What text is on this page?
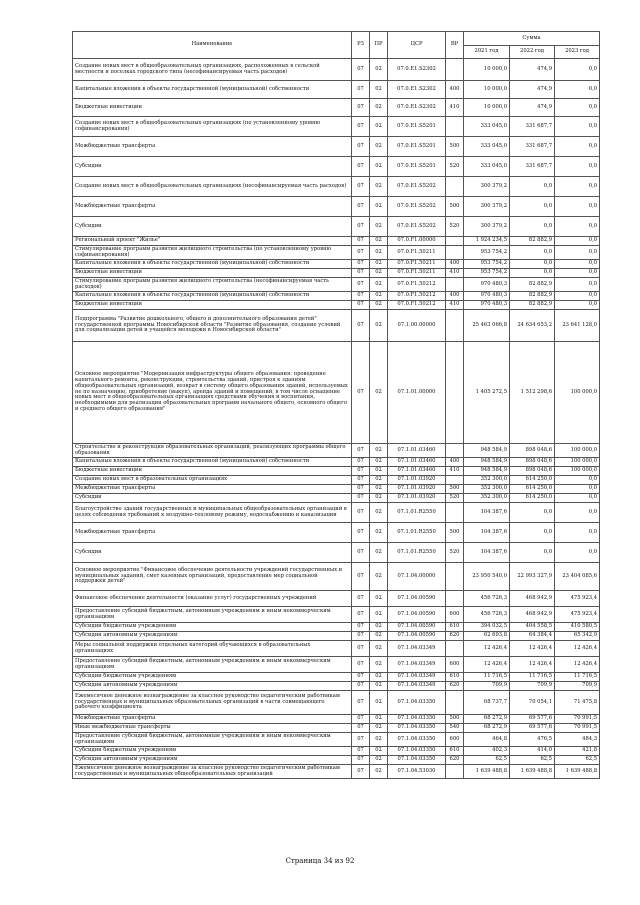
Наименование	РЗ	ПР	ЦСР	ВР	Сумма		
					2021 год	2022 год	2023 год
Создание новых мест в общеобразовательных организациях, расположенных в сельской местности и поселках городского типа (несофинансируемая часть расходов)	07	02	07.0.E1.S2302		10 000,0	474,9	0,0
Капитальные вложения в объекты государственной (муниципальной) собственности	07	02	07.0.E1.S2302	400	10 000,0	474,9	0,0
Бюджетные инвестиции	07	02	07.0.E1.S2302	410	10 000,0	474,9	0,0
Создание новых мест в общеобразовательных организациях (по установленному уровню софинансирования)	07	02	07.0.E1.S5201		333 045,0	331 687,7	0,0
Межбюджетные трансферты	07	02	07.0.E1.S5201	500	333 045,0	331 687,7	0,0
Субсидии	07	02	07.0.E1.S5201	520	333 045,0	331 687,7	0,0
Создание новых мест в общеобразовательных организациях (несофинансируемая часть расходов)	07	02	07.0.E1.S5202		300 379,2	0,0	0,0
Межбюджетные трансферты	07	02	07.0.E1.S5202	500	300 379,2	0,0	0,0
Субсидии	07	02	07.0.E1.S5202	520	300 379,2	0,0	0,0
Региональный проект "Жилье"	07	02	07.0.F1.00000		1 924 234,5	82 882,9	0,0
Стимулирование программ развития жилищного строительства (по установленному уровню софинансирования)	07	02	07.0.F1.50211		953 754,2	0,0	0,0
Капитальные вложения в объекты государственной (муниципальной) собственности	07	02	07.0.F1.50211	400	953 754,2	0,0	0,0
Бюджетные инвестиции	07	02	07.0.F1.50211	410	953 754,2	0,0	0,0
Стимулирование программ развития жилищного строительства (несофинансируемая часть расходов)	07	02	07.0.F1.50212		970 480,3	82 882,9	0,0
Капитальные вложения в объекты государственной (муниципальной) собственности	07	02	07.0.F1.50212	400	970 480,3	82 882,9	0,0
Бюджетные инвестиции	07	02	07.0.F1.50212	410	970 480,3	82 882,9	0,0
Подпрограмма "Развитие дошкольного, общего и дополнительного образования детей" государственной программы Новосибирской области "Развитие образования, создание условий для социализации детей и учащейся молодежи в Новосибирской области"	07	02	07.1.00.00000		25 463 066,8	24 634 653,2	23 641 128,0
Основное мероприятие "Модернизация инфраструктуры общего образования: проведение капитального ремонта, реконструкции, строительства зданий, пристроя к зданиям общеобразовательных организаций, возврат в систему общего образования зданий, используемых не по назначению, приобретение (выкуп), аренда зданий и помещений, в том числе оснащение новых мест в общеобразовательных организациях средствами обучения и воспитания, необходимыми для реализации образовательных программ начального общего, основного общего и среднего общего образования"	07	02	07.1.01.00000		1 405 272,5	1 512 298,6	100 000,0
Строительство и реконструкция образовательных организаций, реализующих программы общего образования	07	02	07.1.01.03460		948 584,9	898 048,6	100 000,0
Капитальные вложения в объекты государственной (муниципальной) собственности	07	02	07.1.01.03460	400	948 584,9	898 048,6	100 000,0
Бюджетные инвестиции	07	02	07.1.01.03460	410	948 584,9	898 048,6	100 000,0
Создание новых мест в образовательных организациях	07	02	07.1.01.03920		352 300,0	614 250,0	0,0
Межбюджетные трансферты	07	02	07.1.01.03920	500	352 300,0	614 250,0	0,0
Субсидии	07	02	07.1.01.03920	520	352 300,0	614 250,0	0,0
Благоустройство зданий государственных и муниципальных общеобразовательных организаций в целях соблюдения требований к воздушно-тепловому режиму, водоснабжению и канализации	07	02	07.1.01.R2550		104 387,6	0,0	0,0
Межбюджетные трансферты	07	02	07.1.01.R2550	500	104 387,6	0,0	0,0
Субсидии	07	02	07.1.01.R2550	520	104 387,6	0,0	0,0
Основное мероприятие "Финансовое обеспечение деятельности учреждений государственных и муниципальных заданий, смет казенных организаций, предоставление мер социальной поддержки детей"	07	02	07.1.04.00000		23 950 540,0	22 993 327,9	23 404 085,6
Финансовое обеспечение деятельности (оказание услуг) государственных учреждений	07	02	07.1.04.00590		456 726,3	468 942,9	475 923,4
Предоставление субсидий бюджетным, автономным учреждениям и иным некоммерческим организациям	07	02	07.1.04.00590	600	456 726,3	468 942,9	475 923,4
Субсидии бюджетным учреждениям	07	02	07.1.04.00590	610	394 032,5	404 558,5	410 580,5
Субсидии автономным учреждениям	07	02	07.1.04.00590	620	62 693,8	64 384,4	65 342,9
Меры социальной поддержки отдельных категорий обучающихся в образовательных организациях	07	02	07.1.04.03349		12 426,4	12 426,4	12 426,4
Предоставление субсидий бюджетным, автономным учреждениям и иным некоммерческим организациям	07	02	07.1.04.03349	600	12 426,4	12 426,4	12 426,4
Субсидии бюджетным учреждениям	07	02	07.1.04.03349	610	11 716,5	11 716,5	11 716,5
Субсидии автономным учреждениям	07	02	07.1.04.03349	620	709,9	709,9	709,9
Ежемесячное денежное вознаграждение за классное руководство педагогическим работникам государственных и муниципальных образовательных организаций в части совмещающего рабочего коэффициента	07	02	07.1.04.03350		68 737,7	70 054,1	71 475,8
Межбюджетные трансферты	07	02	07.1.04.03350	500	68 272,9	69 577,6	70 991,5
Иные межбюджетные трансферты	07	02	07.1.04.03350	540	68 272,9	69 577,6	70 991,5
Предоставление субсидий бюджетным, автономным учреждениям и иным некоммерческим организациям	07	02	07.1.04.03350	600	464,8	476,5	484,3
Субсидии бюджетным учреждениям	07	02	07.1.04.03350	610	402,3	414,0	421,8
Субсидии автономным учреждениям	07	02	07.1.04.03350	620	62,5	62,5	62,5
Ежемесячное денежное вознаграждение за классное руководство педагогическим работникам государственных и муниципальных общеобразовательных организаций	07	02	07.1.04.53030		1 639 488,8	1 639 488,8	1 639 488,8
Страница 34 из 92
